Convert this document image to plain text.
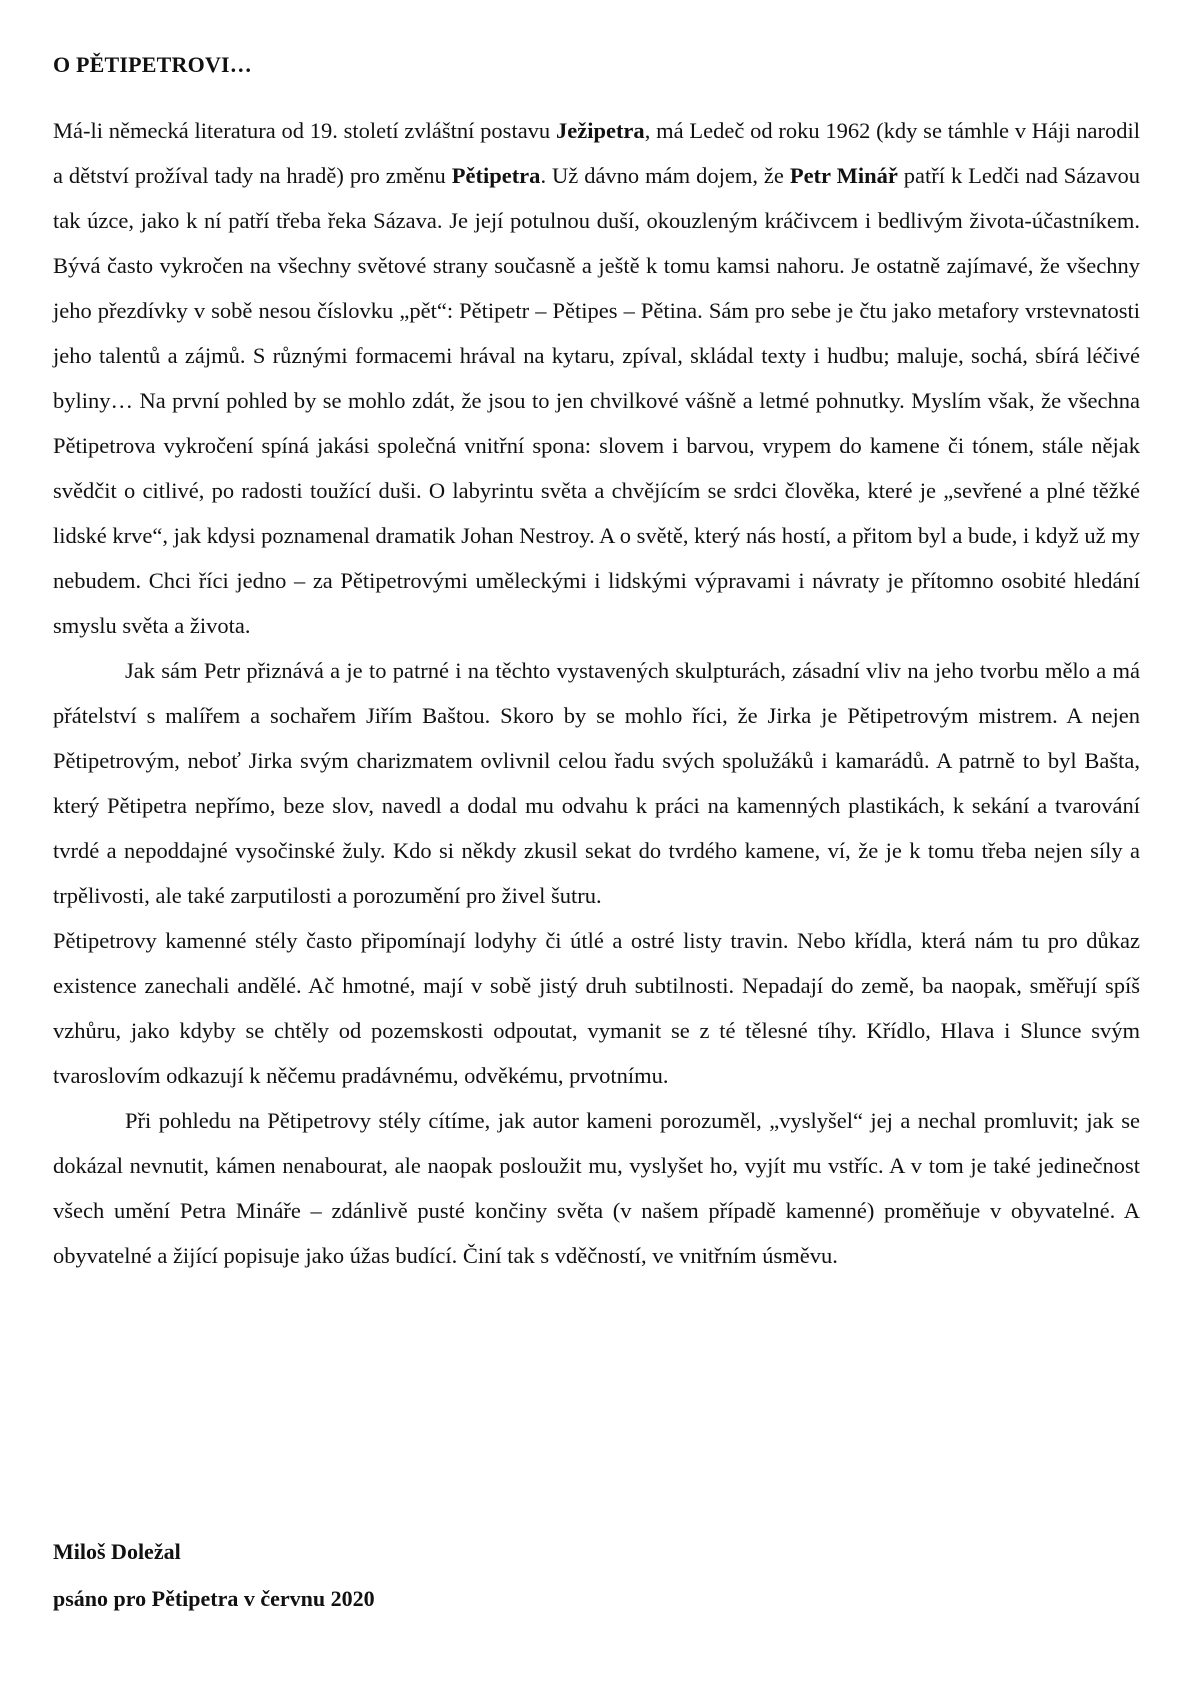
O PĚTIPETROVI…

Má-li německá literatura od 19. století zvláštní postavu Ježipetra, má Ledeč od roku 1962 (kdy se támhle v Háji narodil a dětství prožíval tady na hradě) pro změnu Pětipetra. Už dávno mám dojem, že Petr Minář patří k Ledči nad Sázavou tak úzce, jako k ní patří třeba řeka Sázava. Je její potulnou duší, okouzleným kráčivcem i bedlivým života-účastníkem. Bývá často vykročen na všechny světové strany současně a ještě k tomu kamsi nahoru. Je ostatně zajímavé, že všechny jeho přezdívky v sobě nesou číslovku „pět“: Pětipetr – Pětipes – Pětina. Sám pro sebe je čtu jako metafory vrstevnatosti jeho talentů a zájmů. S různými formacemi hrával na kytaru, zpíval, skládal texty i hudbu; maluje, sochá, sbírá léčivé byliny… Na první pohled by se mohlo zdát, že jsou to jen chvilkové vášně a letmé pohnutky. Myslím však, že všechna Pětipetrova vykročení spíná jakási společná vnitřní spona: slovem i barvou, vrypem do kamene či tónem, stále nějak svědčit o citlivé, po radosti toužící duši. O labyrintu světa a chvějícím se srdci člověka, které je „sevřené a plné těžké lidské krve“, jak kdysi poznamenal dramatik Johan Nestroy. A o světě, který nás hostí, a přitom byl a bude, i když už my nebudem. Chci říci jedno – za Pětipetrovými uměleckými i lidskými výpravami i návraty je přítomno osobité hledání smyslu světa a života.

Jak sám Petr přiznává a je to patrné i na těchto vystavených skulpturách, zásadní vliv na jeho tvorbu mělo a má přátelství s malířem a sochařem Jiřím Baštou. Skoro by se mohlo říci, že Jirka je Pětipetrovým mistrem. A nejen Pětipetrovým, neboť Jirka svým charizmatem ovlivnil celou řadu svých spolužáků i kamarádů. A patrně to byl Bašta, který Pětipetra nepřímo, beze slov, navedl a dodal mu odvahu k práci na kamenných plastikách, k sekání a tvarování tvrdé a nepoddajné vysočinské žuly. Kdo si někdy zkusil sekat do tvrdého kamene, ví, že je k tomu třeba nejen síly a trpělivosti, ale také zarputilosti a porozumění pro živel šutru.

Pětipetrovy kamenné stély často připomínají lodyhy či útlé a ostré listy travin. Nebo křídla, která nám tu pro důkaz existence zanechali andělé. Ač hmotné, mají v sobě jistý druh subtilnosti. Nepadají do země, ba naopak, směřují spíš vzhůru, jako kdyby se chtěly od pozemskosti odpoutat, vymanit se z té tělesné tíhy. Křídlo, Hlava i Slunce svým tvaroslovím odkazují k něčemu pradávnému, odvěkému, prvotnímu.

Při pohledu na Pětipetrovy stély cítíme, jak autor kameni porozuměl, „vyslyšel“ jej a nechal promluvit; jak se dokázal nevnutit, kámen nenabourat, ale naopak posloužit mu, vyslyšet ho, vyjít mu vstříc. A v tom je také jedinečnost všech umění Petra Mináře – zdánlivě pusté končiny světa (v našem případě kamenné) proměňuje v obyvatelné. A obyvatelné a žijící popisuje jako úžas budící. Činí tak s vděčností, ve vnitřním úsměvu.

Miloš Doležal
psáno pro Pětipetra v červnu 2020
